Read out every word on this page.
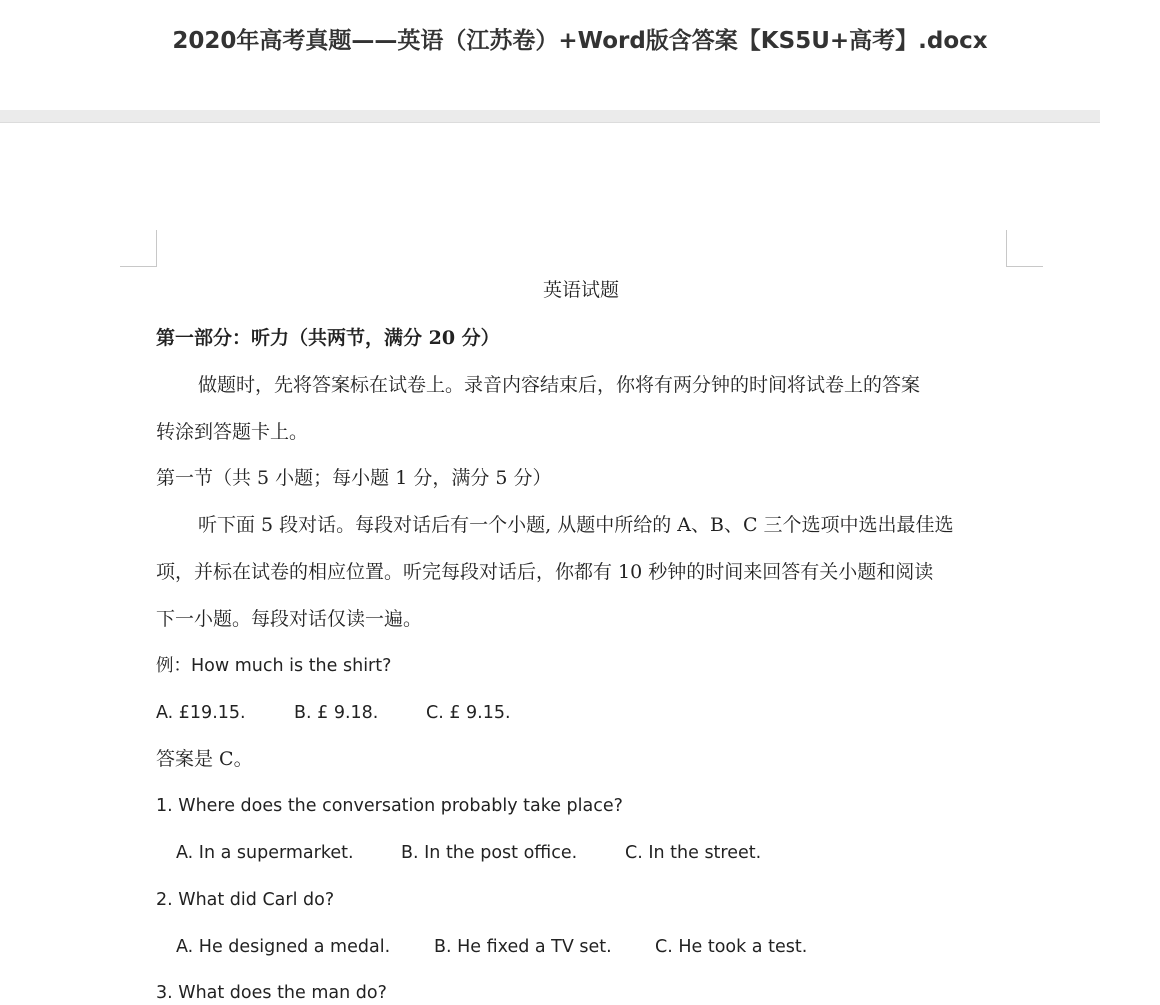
2020年高考真题——英语（江苏卷）+Word版含答案【KS5U+高考】.docx
英语试题
第一部分：听力（共两节，满分 20 分）
做题时，先将答案标在试卷上。录音内容结束后，你将有两分钟的时间将试卷上的答案
转涂到答题卡上。
第一节（共 5 小题；每小题 1 分，满分 5 分）
听下面 5 段对话。每段对话后有一个小题, 从题中所给的 A、B、C 三个选项中选出最佳选
项，并标在试卷的相应位置。听完每段对话后，你都有 10 秒钟的时间来回答有关小题和阅读
下一小题。每段对话仅读一遍。
例：How much is the shirt?
A. £19.15.	B. £ 9.18.	C. £ 9.15.
答案是 C。
1. Where does the conversation probably take place?
A. In a supermarket.	B. In the post office.	C. In the street.
2. What did Carl do?
A. He designed a medal.	B. He fixed a TV set. C. He took a test.
3. What does the man do?
